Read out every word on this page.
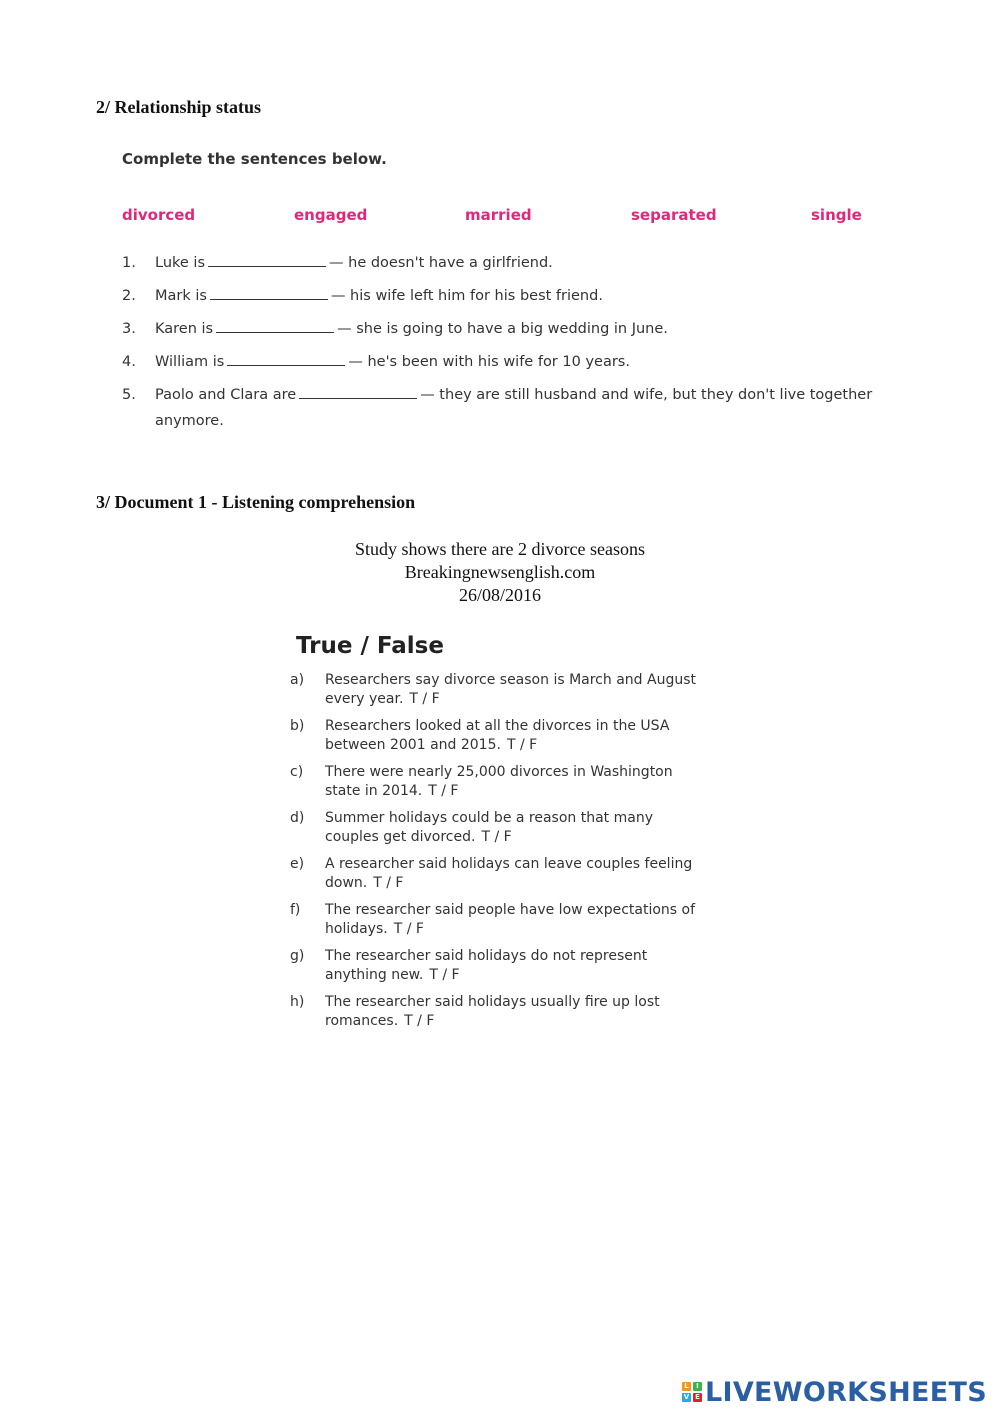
2/ Relationship status
Complete the sentences below.
divorced	engaged	married	separated	single
1. Luke is	— he doesn't have a girlfriend.
2. Mark is	— his wife left him for his best friend.
3. Karen is	— she is going to have a big wedding in June.
4. William is	— he's been with his wife for 10 years.
5. Paolo and Clara are	— they are still husband and wife, but they don't live together anymore.
3/ Document 1 - Listening comprehension
Study shows there are 2 divorce seasons
Breakingnewsenglish.com
26/08/2016
True / False
a) Researchers say divorce season is March and August every year. T / F
b) Researchers looked at all the divorces in the USA between 2001 and 2015. T / F
c) There were nearly 25,000 divorces in Washington state in 2014. T / F
d) Summer holidays could be a reason that many couples get divorced. T / F
e) A researcher said holidays can leave couples feeling down. T / F
f) The researcher said people have low expectations of holidays. T / F
g) The researcher said holidays do not represent anything new. T / F
h) The researcher said holidays usually fire up lost romances. T / F
L	I
V E LIVEWORKSHEETS
